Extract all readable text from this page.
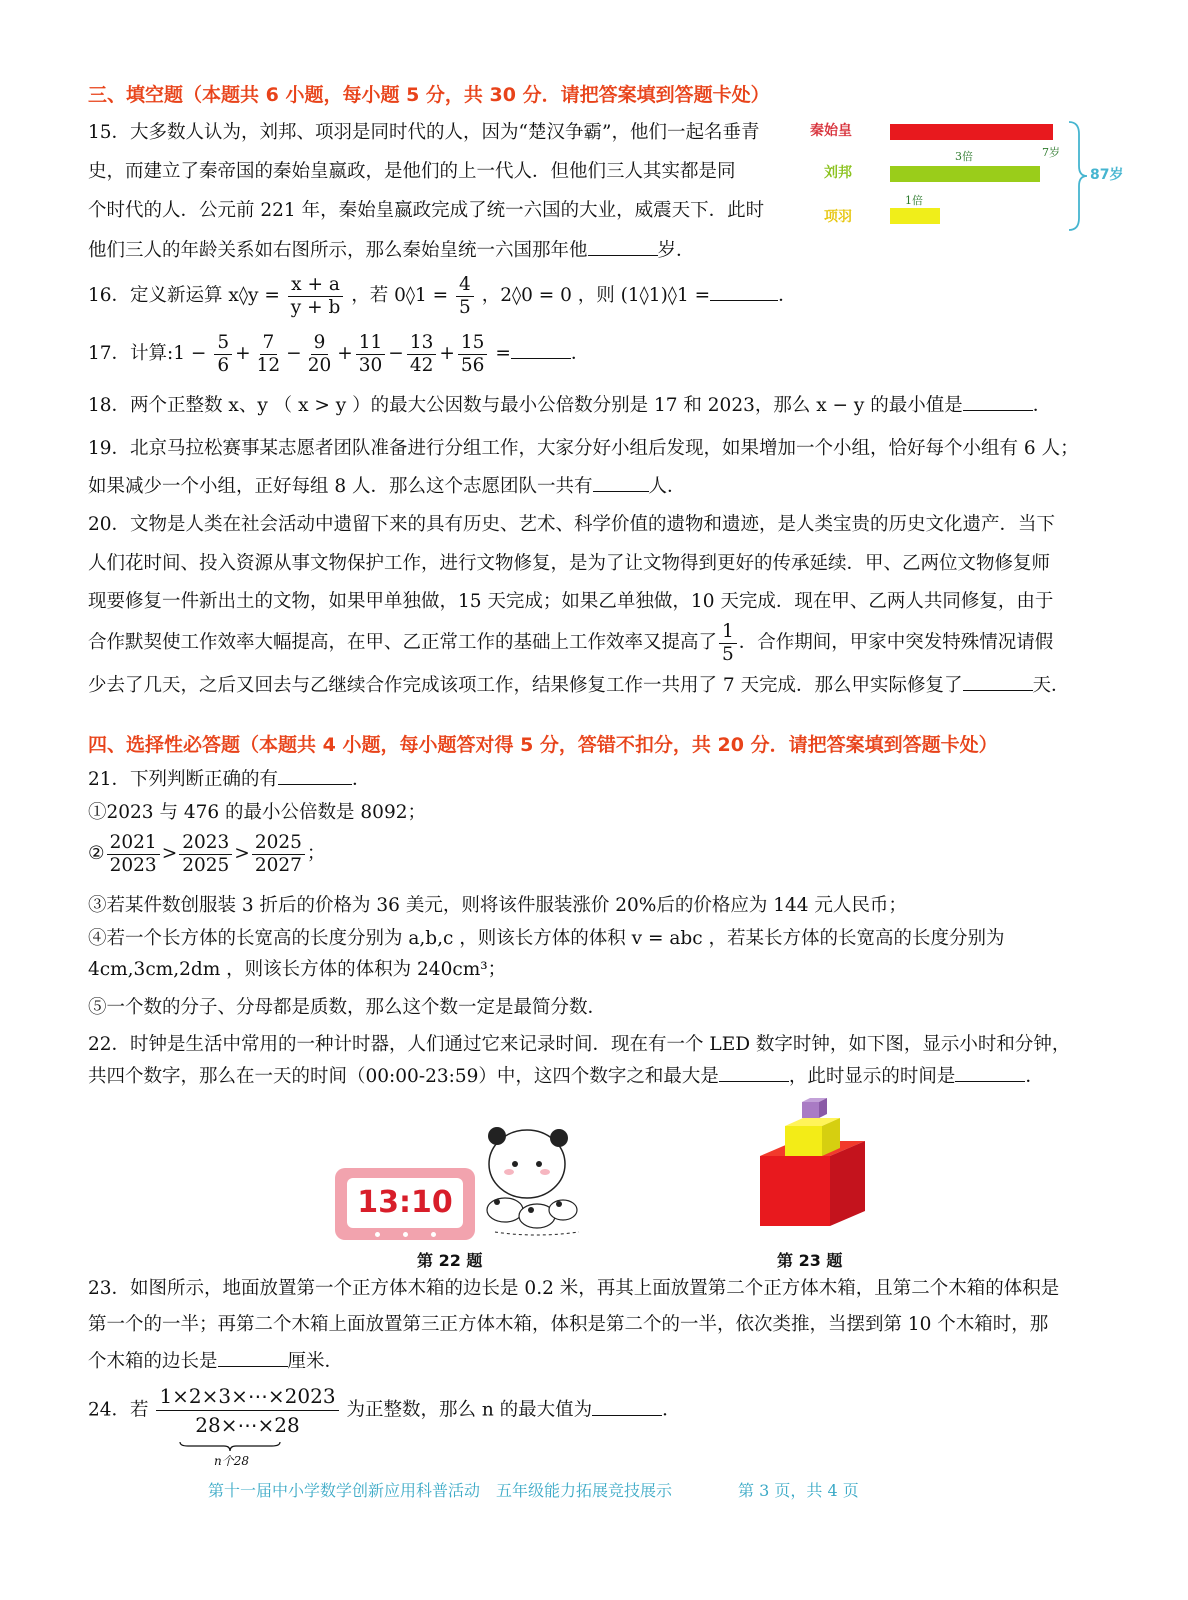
三、填空题（本题共 6 小题，每小题 5 分，共 30 分．请把答案填到答题卡处）
15．大多数人认为，刘邦、项羽是同时代的人，因为“楚汉争霸”，他们一起名垂青
史，而建立了秦帝国的秦始皇嬴政，是他们的上一代人．但他们三人其实都是同
个时代的人．公元前 221 年，秦始皇嬴政完成了统一六国的大业，威震天下．此时
他们三人的年龄关系如右图所示，那么秦始皇统一六国那年他	岁．
秦始皇
刘邦
项羽
3倍	7岁
1倍
87岁
16．定义新运算 x◊y = $\frac{x + a}{y + b}$ ，若 0◊1 = $\frac{4}{5}$ ，2◊0 = 0 ，则 (1◊1)◊1 =	．
17．计算:1 − $\frac{5}{6} + \frac{7}{12} - \frac{9}{20} + \frac{11}{30} - \frac{13}{42} + \frac{15}{56}$ =	．
18．两个正整数 x、y （ x > y ）的最大公因数与最小公倍数分别是 17 和 2023，那么 x − y 的最小值是	．
19．北京马拉松赛事某志愿者团队准备进行分组工作，大家分好小组后发现，如果增加一个小组，恰好每个小组有 6 人；
如果减少一个小组，正好每组 8 人．那么这个志愿团队一共有	人．
20．文物是人类在社会活动中遗留下来的具有历史、艺术、科学价值的遗物和遗迹，是人类宝贵的历史文化遗产．当下
人们花时间、投入资源从事文物保护工作，进行文物修复，是为了让文物得到更好的传承延续．甲、乙两位文物修复师
现要修复一件新出土的文物，如果甲单独做，15 天完成；如果乙单独做，10 天完成．现在甲、乙两人共同修复，由于
合作默契使工作效率大幅提高，在甲、乙正常工作的基础上工作效率又提高了 $\frac{1}{5}$ ．合作期间，甲家中突发特殊情况请假
少去了几天，之后又回去与乙继续合作完成该项工作，结果修复工作一共用了 7 天完成．那么甲实际修复了	天．
四、选择性必答题（本题共 4 小题，每小题答对得 5 分，答错不扣分，共 20 分．请把答案填到答题卡处）
21．下列判断正确的有	．
①2023 与 476 的最小公倍数是 8092；
② $\frac{2021}{2023} > \frac{2023}{2025} > \frac{2025}{2027}$ ；
③若某件数创服装 3 折后的价格为 36 美元，则将该件服装涨价 20%后的价格应为 144 元人民币；
④若一个长方体的长宽高的长度分别为 a,b,c ，则该长方体的体积 v = abc ，若某长方体的长宽高的长度分别为
4cm,3cm,2dm ，则该长方体的体积为 240cm³；
⑤一个数的分子、分母都是质数，那么这个数一定是最简分数．
22．时钟是生活中常用的一种计时器，人们通过它来记录时间．现在有一个 LED 数字时钟，如下图，显示小时和分钟，
共四个数字，那么在一天的时间（00:00-23:59）中，这四个数字之和最大是	，此时显示的时间是	．
13:10
第 22 题	第 23 题
23．如图所示，地面放置第一个正方体木箱的边长是 0.2 米，再其上面放置第二个正方体木箱，且第二个木箱的体积是
第一个的一半；再第二个木箱上面放置第三正方体木箱，体积是第二个的一半，依次类推，当摆到第 10 个木箱时，那
个木箱的边长是	厘米．
24．若 $\frac{1\times 2\times 3\times\cdots\times 2023}{28\times\cdots\times 28}$ 为正整数，那么 n 的最大值为	．
n个28
第十一届中小学数学创新应用科普活动　五年级能力拓展竞技展示	第 3 页，共 4 页
